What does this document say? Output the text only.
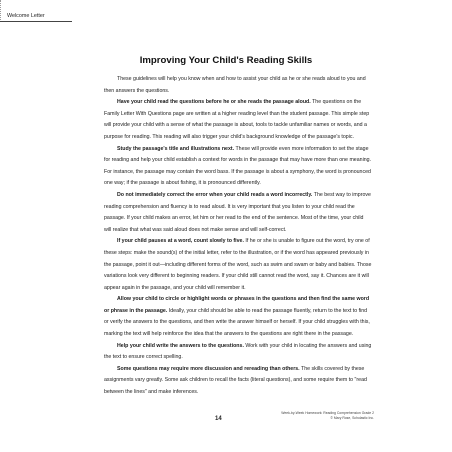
Welcome Letter
Improving Your Child's Reading Skills

These guidelines will help you know when and how to assist your child as he or she reads aloud to you and then answers the questions.

Have your child read the questions before he or she reads the passage aloud. The questions on the Family Letter With Questions page are written at a higher reading level than the student passage. This simple step will provide your child with a sense of what the passage is about, tools to tackle unfamiliar names or words, and a purpose for reading. This reading will also trigger your child's background knowledge of the passage's topic.

Study the passage's title and illustrations next. These will provide even more information to set the stage for reading and help your child establish a context for words in the passage that may have more than one meaning. For instance, the passage may contain the word bass. If the passage is about a symphony, the word is pronounced one way; if the passage is about fishing, it is pronounced differently.

Do not immediately correct the error when your child reads a word incorrectly. The best way to improve reading comprehension and fluency is to read aloud. It is very important that you listen to your child read the passage. If your child makes an error, let him or her read to the end of the sentence. Most of the time, your child will realize that what was said aloud does not make sense and will self-correct.

If your child pauses at a word, count slowly to five. If he or she is unable to figure out the word, try one of these steps: make the sound(s) of the initial letter, refer to the illustration, or if the word has appeared previously in the passage, point it out—including different forms of the word, such as swim and swam or baby and babies. Those variations look very different to beginning readers. If your child still cannot read the word, say it. Chances are it will appear again in the passage, and your child will remember it.

Allow your child to circle or highlight words or phrases in the questions and then find the same word or phrase in the passage. Ideally, your child should be able to read the passage fluently, return to the text to find or verify the answers to the questions, and then write the answer himself or herself. If your child struggles with this, marking the text will help reinforce the idea that the answers to the questions are right there in the passage.

Help your child write the answers to the questions. Work with your child in locating the answers and using the text to ensure correct spelling.

Some questions may require more discussion and rereading than others. The skills covered by these assignments vary greatly. Some ask children to recall the facts (literal questions), and some require them to "read between the lines" and make inferences.

14
Week-by-Week Homework: Reading Comprehension Grade 2
© Mary Rose, Scholastic Inc.
